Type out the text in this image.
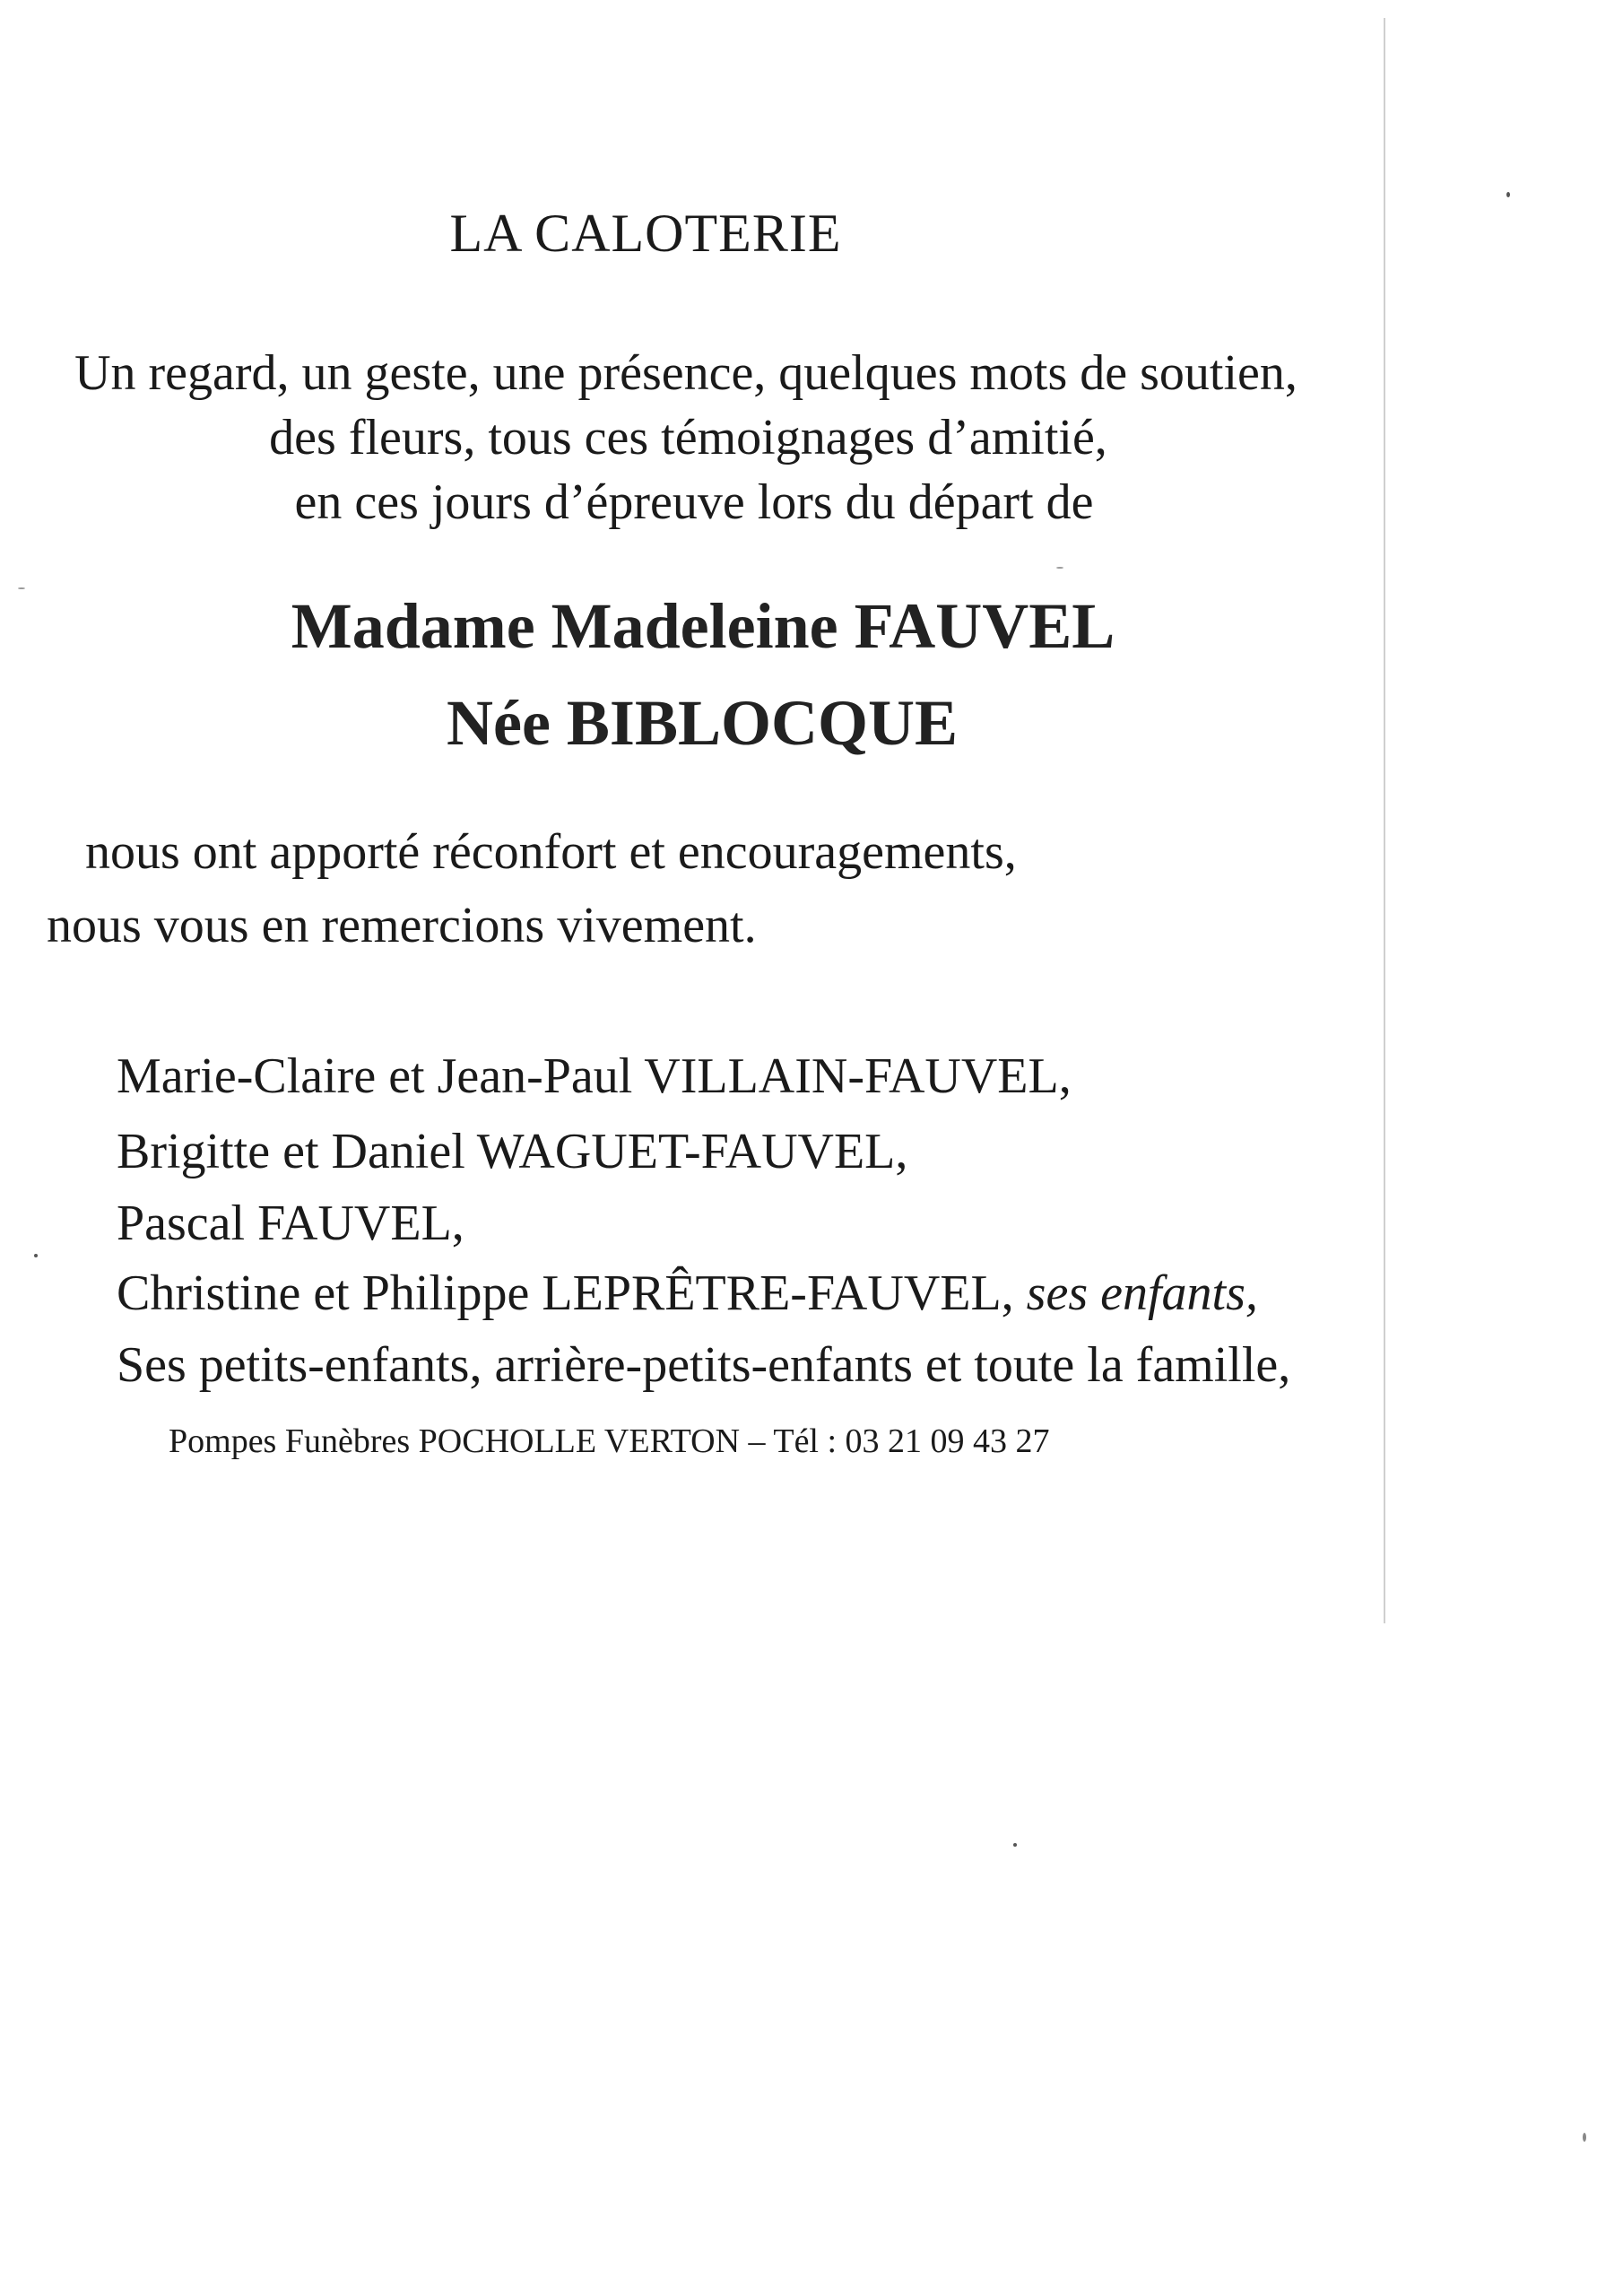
LA CALOTERIE
Un regard, un geste, une présence, quelques mots de soutien,
des fleurs, tous ces témoignages d’amitié,
en ces jours d’épreuve lors du départ de
Madame Madeleine FAUVEL
Née BIBLOCQUE
nous ont apporté réconfort et encouragements,
nous vous en remercions vivement.
Marie-Claire et Jean-Paul VILLAIN-FAUVEL,
Brigitte et Daniel WAGUET-FAUVEL,
Pascal FAUVEL,
Christine et Philippe LEPRÊTRE-FAUVEL, ses enfants,
Ses petits-enfants, arrière-petits-enfants et toute la famille,
Pompes Funèbres POCHOLLE VERTON – Tél : 03 21 09 43 27
